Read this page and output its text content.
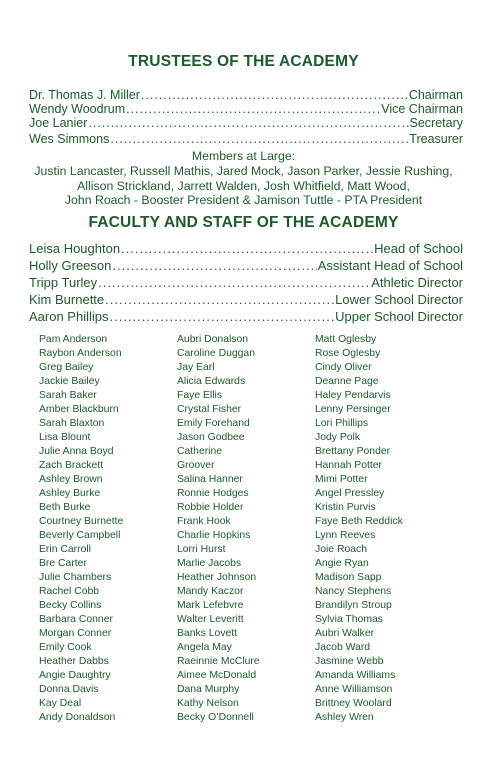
TRUSTEES OF THE ACADEMY
Dr. Thomas J. Miller .....	Chairman
Wendy Woodrum .....	Vice Chairman
Joe Lanier .....	Secretary
Wes Simmons .....	Treasurer
Members at Large:
Justin Lancaster, Russell Mathis, Jared Mock, Jason Parker, Jessie Rushing,
Allison Strickland, Jarrett Walden, Josh Whitfield, Matt Wood,
John Roach - Booster President & Jamison Tuttle - PTA President
FACULTY AND STAFF OF THE ACADEMY
Leisa Houghton .....	Head of School
Holly Greeson .....	Assistant Head of School
Tripp Turley .....	Athletic Director
Kim Burnette .....	Lower School Director
Aaron Phillips .....	Upper School Director
Pam Anderson
Raybon Anderson
Greg Bailey
Jackie Bailey
Sarah Baker
Amber Blackburn
Sarah Blaxton
Lisa Blount
Julie Anna Boyd
Zach Brackett
Ashley Brown
Ashley Burke
Beth Burke
Courtney Burnette
Beverly Campbell
Erin Carroll
Bre Carter
Julie Chambers
Rachel Cobb
Becky Collins
Barbara Conner
Morgan Conner
Emily Cook
Heather Dabbs
Angie Daughtry
Donna Davis
Kay Deal
Andy Donaldson
Aubri Donalson
Caroline Duggan
Jay Earl
Alicia Edwards
Faye Ellis
Crystal Fisher
Emily Forehand
Jason Godbee
Catherine
Groover
Salina Hanner
Ronnie Hodges
Robbie Holder
Frank Hook
Charlie Hopkins
Lorri Hurst
Marlie Jacobs
Heather Johnson
Mandy Kaczor
Mark Lefebvre
Walter Leveritt
Banks Lovett
Angela May
Raeinnie McClure
Aimee McDonald
Dana Murphy
Kathy Nelson
Becky O’Donnell
Matt Oglesby
Rose Oglesby
Cindy Oliver
Deanne Page
Haley Pendarvis
Lenny Persinger
Lori Phillips
Jody Polk
Brettany Ponder
Hannah Potter
Mimi Potter
Angel Pressley
Kristin Purvis
Faye Beth Reddick
Lynn Reeves
Joie Roach
Angie Ryan
Madison Sapp
Nancy Stephens
Brandilyn Stroup
Sylvia Thomas
Aubri Walker
Jacob Ward
Jasmine Webb
Amanda Williams
Anne Williamson
Brittney Woolard
Ashley Wren
